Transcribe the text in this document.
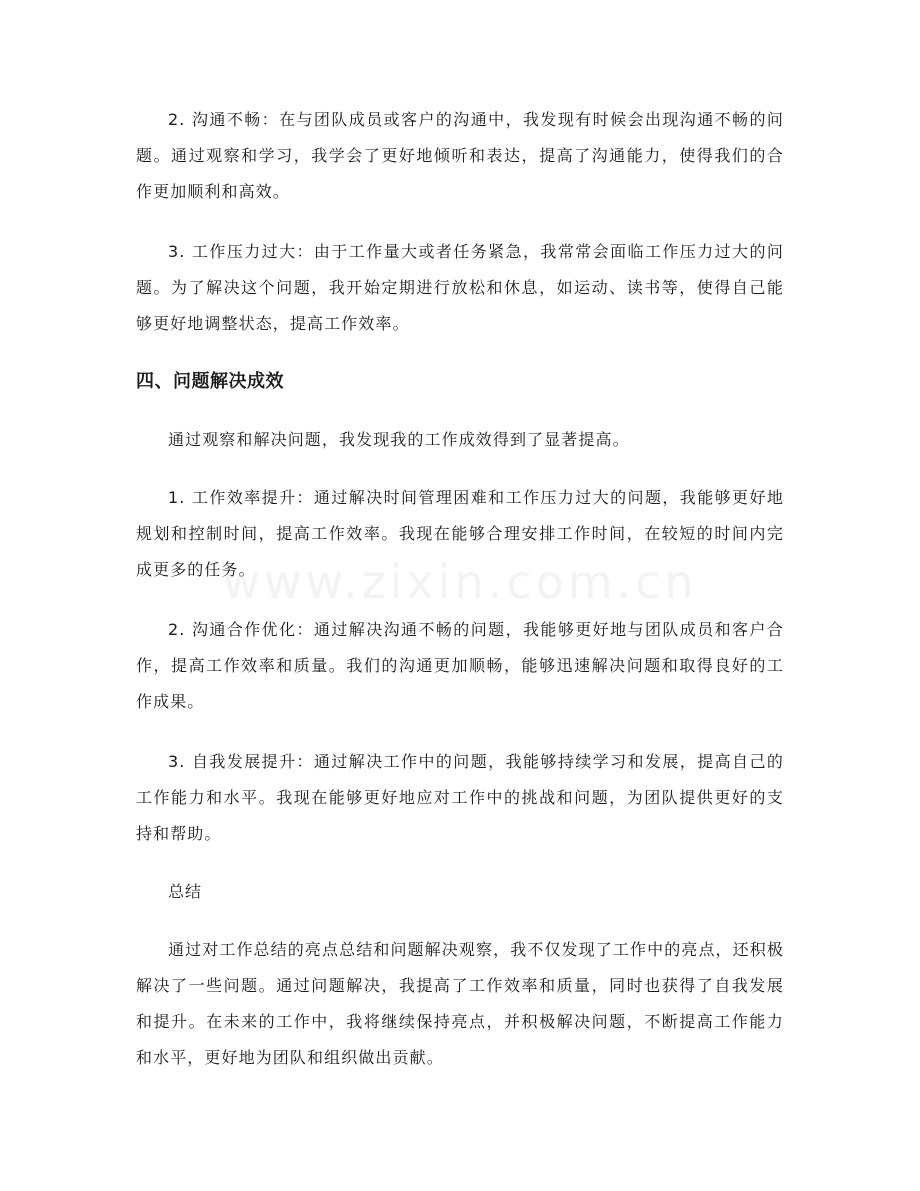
2. 沟通不畅：在与团队成员或客户的沟通中，我发现有时候会出现沟通不畅的问题。通过观察和学习，我学会了更好地倾听和表达，提高了沟通能力，使得我们的合作更加顺利和高效。

3. 工作压力过大：由于工作量大或者任务紧急，我常常会面临工作压力过大的问题。为了解决这个问题，我开始定期进行放松和休息，如运动、读书等，使得自己能够更好地调整状态，提高工作效率。

四、问题解决成效

通过观察和解决问题，我发现我的工作成效得到了显著提高。

1. 工作效率提升：通过解决时间管理困难和工作压力过大的问题，我能够更好地规划和控制时间，提高工作效率。我现在能够合理安排工作时间，在较短的时间内完成更多的任务。

2. 沟通合作优化：通过解决沟通不畅的问题，我能够更好地与团队成员和客户合作，提高工作效率和质量。我们的沟通更加顺畅，能够迅速解决问题和取得良好的工作成果。

3. 自我发展提升：通过解决工作中的问题，我能够持续学习和发展，提高自己的工作能力和水平。我现在能够更好地应对工作中的挑战和问题，为团队提供更好的支持和帮助。

总结

通过对工作总结的亮点总结和问题解决观察，我不仅发现了工作中的亮点，还积极解决了一些问题。通过问题解决，我提高了工作效率和质量，同时也获得了自我发展和提升。在未来的工作中，我将继续保持亮点，并积极解决问题，不断提高工作能力和水平，更好地为团队和组织做出贡献。

www.zixin.com.cn
